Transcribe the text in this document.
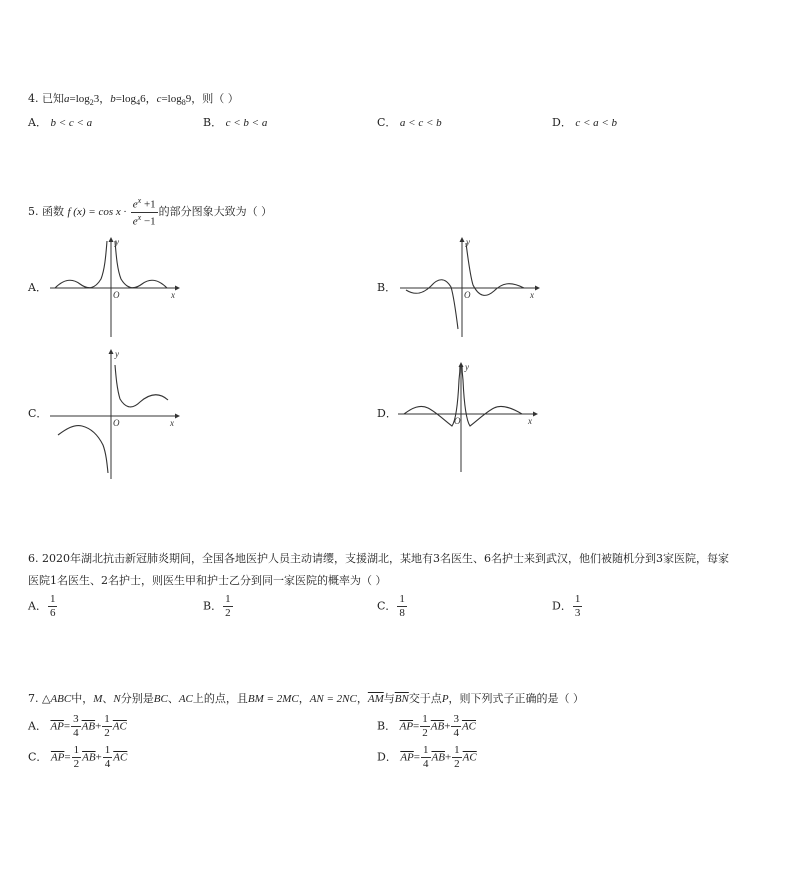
4. 已知$a=\log_23$，$b=\log_46$，$c=\log_89$，则（ ）
A． b < c < a	B． c < b < a	C． a < c < b	D． c < a < b
5. 函数 f $(x) = \cos x \cdot \frac{e^x +1}{e^x -1}$ 的部分图象大致为（ ）
A．	B．
C．	D．
y
x
O
y
x
O
y
x
O
y
x
O
6. 2020年湖北抗击新冠肺炎期间，全国各地医护人员主动请缨，支援湖北，某地有3名医生、6名护士来到武汉，他们被随机分到3家医院，每家
医院1名医生、2名护士，则医生甲和护士乙分到同一家医院的概率为（ ）
A． $\frac{1}{6}$	B． $\frac{1}{2}$	C． $\frac{1}{8}$	D． $\frac{1}{3}$
7. △ABC中，M、N分别是BC、AC上的点，且BM = 2MC，AN = 2NC，$\overline{AM}$与$\overline{BN}$交于点P，则下列式子正确的是（ ）
A． $\overline{AP}= \frac{3}{4} \overline{AB}+ \frac{1}{2} \overline{AC}$	B． $\overline{AP}= \frac{1}{2} \overline{AB}+ \frac{3}{4} \overline{AC}$
C． $\overline{AP}= \frac{1}{2} \overline{AB}+ \frac{1}{4} \overline{AC}$	D． $\overline{AP}= \frac{1}{4} \overline{AB}+ \frac{1}{2} \overline{AC}$
